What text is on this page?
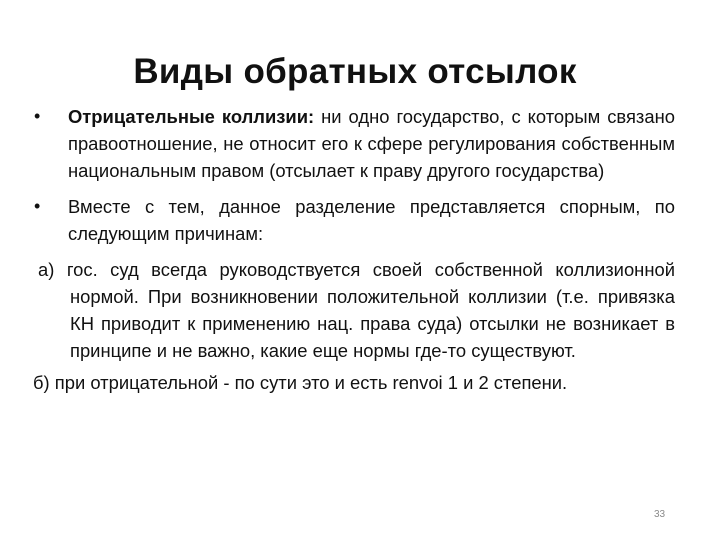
Виды обратных отсылок
• Отрицательные коллизии: ни одно государство, с которым связано правоотношение, не относит его к сфере регулирования собственным национальным правом (отсылает к праву другого государства)
• Вместе с тем, данное разделение представляется спорным, по следующим причинам:
а) гос. суд всегда руководствуется своей собственной коллизионной нормой. При возникновении положительной коллизии (т.е. привязка КН приводит к применению нац. права суда) отсылки не возникает в принципе и не важно, какие еще нормы где-то существуют.
б) при отрицательной - по сути это и есть renvoi 1 и 2 степени.
33
